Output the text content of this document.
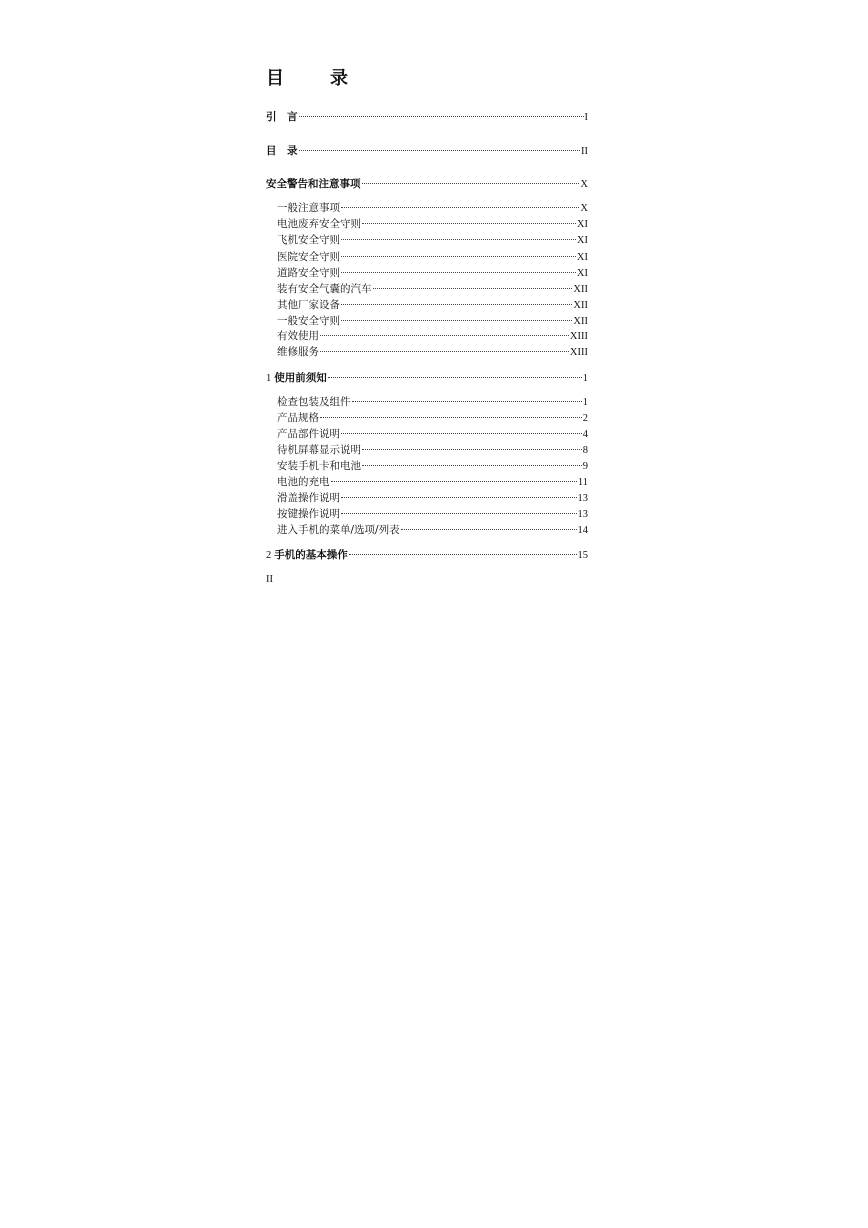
目　录
引　言	I
目　录	II
安全警告和注意事项	X
一般注意事项	X
电池废弃安全守则	XI
飞机安全守则	XI
医院安全守则	XI
道路安全守则	XI
装有安全气囊的汽车	XII
其他厂家设备	XII
一般安全守则	XII
有效使用	XIII
维修服务	XIII
1 使用前须知	1
检查包装及组件	1
产品规格	2
产品部件说明	4
待机屏幕显示说明	8
安装手机卡和电池	9
电池的充电	11
滑盖操作说明	13
按键操作说明	13
进入手机的菜单/选项/列表	14
2 手机的基本操作	15
II
